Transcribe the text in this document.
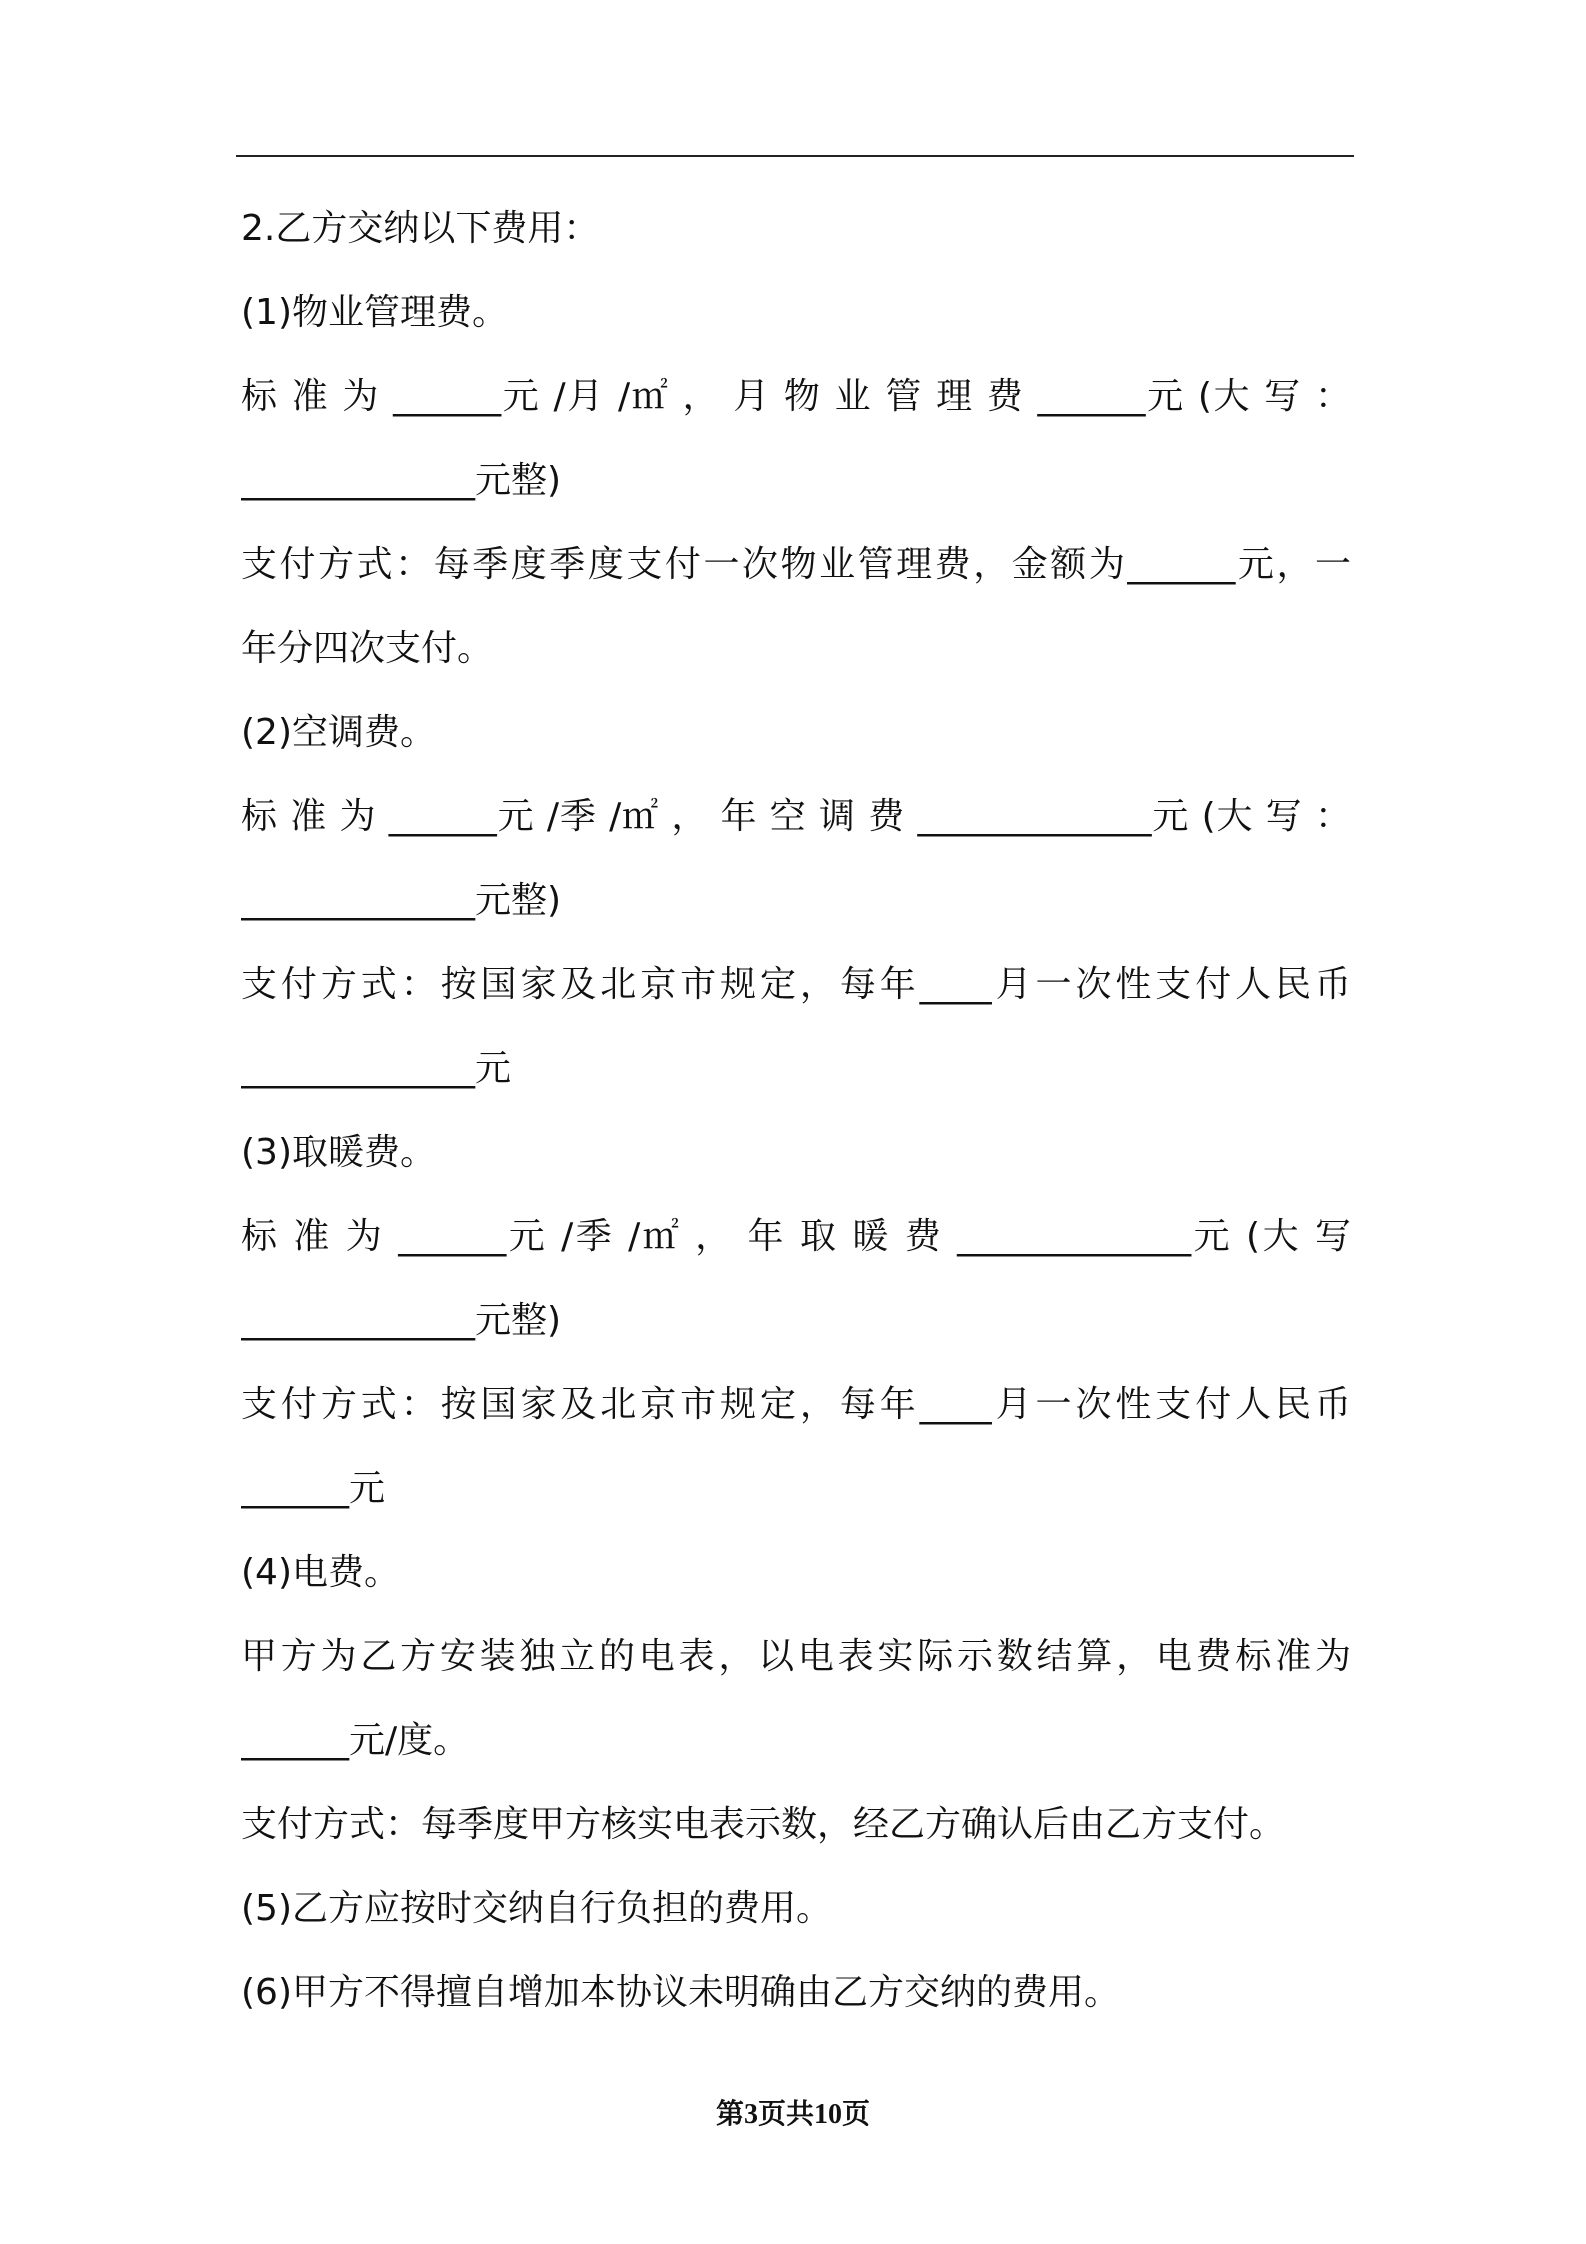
2.乙方交纳以下费用：
(1)物业管理费。
标 准 为 ______元 /月 /㎡ ， 月 物 业 管 理 费 ______元 (大 写 ：
_____________元整)
支付方式：每季度季度支付一次物业管理费，金额为______元，一
年分四次支付。
(2)空调费。
标 准 为 ______元 /季 /㎡ ， 年 空 调 费 _____________元 (大 写 ：
_____________元整)
支付方式：按国家及北京市规定，每年____月一次性支付人民币
_____________元
(3)取暖费。
标 准 为 ______元 /季 /㎡ ， 年 取 暖 费 _____________元 (大 写
_____________元整)
支付方式：按国家及北京市规定，每年____月一次性支付人民币
______元
(4)电费。
甲方为乙方安装独立的电表，以电表实际示数结算，电费标准为
______元/度。
支付方式：每季度甲方核实电表示数，经乙方确认后由乙方支付。
(5)乙方应按时交纳自行负担的费用。
(6)甲方不得擅自增加本协议未明确由乙方交纳的费用。
第3页共10页
